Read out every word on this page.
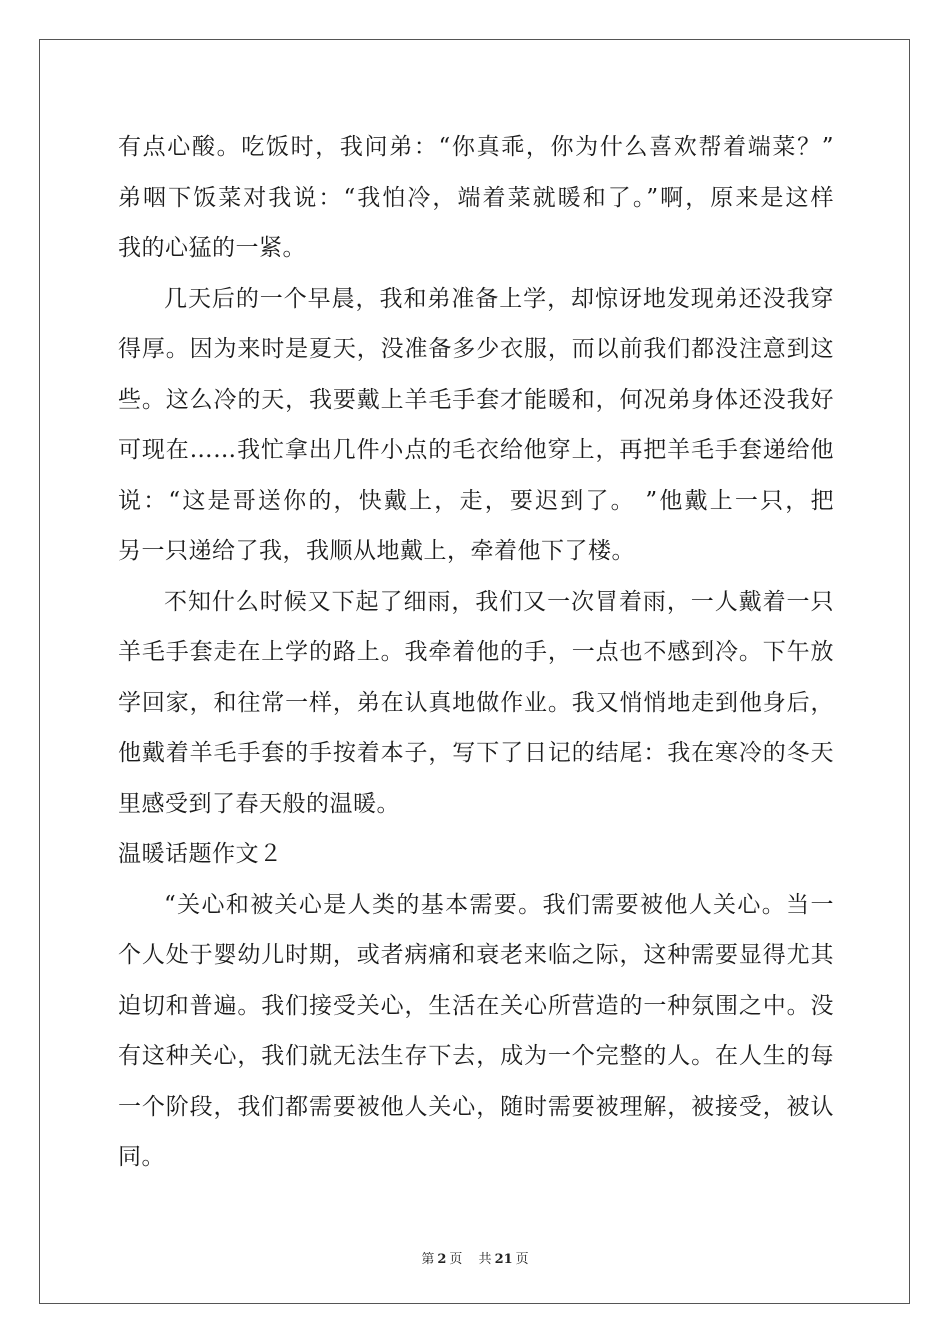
有点心酸。吃饭时，我问弟：“你真乖，你为什么喜欢帮着端菜？”
弟咽下饭菜对我说：“我怕冷，端着菜就暖和了。”啊，原来是这样
我的心猛的一紧。
几天后的一个早晨，我和弟准备上学，却惊讶地发现弟还没我穿
得厚。因为来时是夏天，没准备多少衣服，而以前我们都没注意到这
些。这么冷的天，我要戴上羊毛手套才能暖和，何况弟身体还没我好
可现在……我忙拿出几件小点的毛衣给他穿上，再把羊毛手套递给他
说：“这是哥送你的，快戴上，走，要迟到了。 ”他戴上一只，把
另一只递给了我，我顺从地戴上，牵着他下了楼。
不知什么时候又下起了细雨，我们又一次冒着雨，一人戴着一只
羊毛手套走在上学的路上。我牵着他的手，一点也不感到冷。下午放
学回家，和往常一样，弟在认真地做作业。我又悄悄地走到他身后，
他戴着羊毛手套的手按着本子，写下了日记的结尾：我在寒冷的冬天
里感受到了春天般的温暖。
温暖话题作文２
“关心和被关心是人类的基本需要。我们需要被他人关心。当一
个人处于婴幼儿时期，或者病痛和衰老来临之际，这种需要显得尤其
迫切和普遍。我们接受关心，生活在关心所营造的一种氛围之中。没
有这种关心，我们就无法生存下去，成为一个完整的人。在人生的每
一个阶段，我们都需要被他人关心，随时需要被理解，被接受，被认
同。
第 2 页 共 21 页
